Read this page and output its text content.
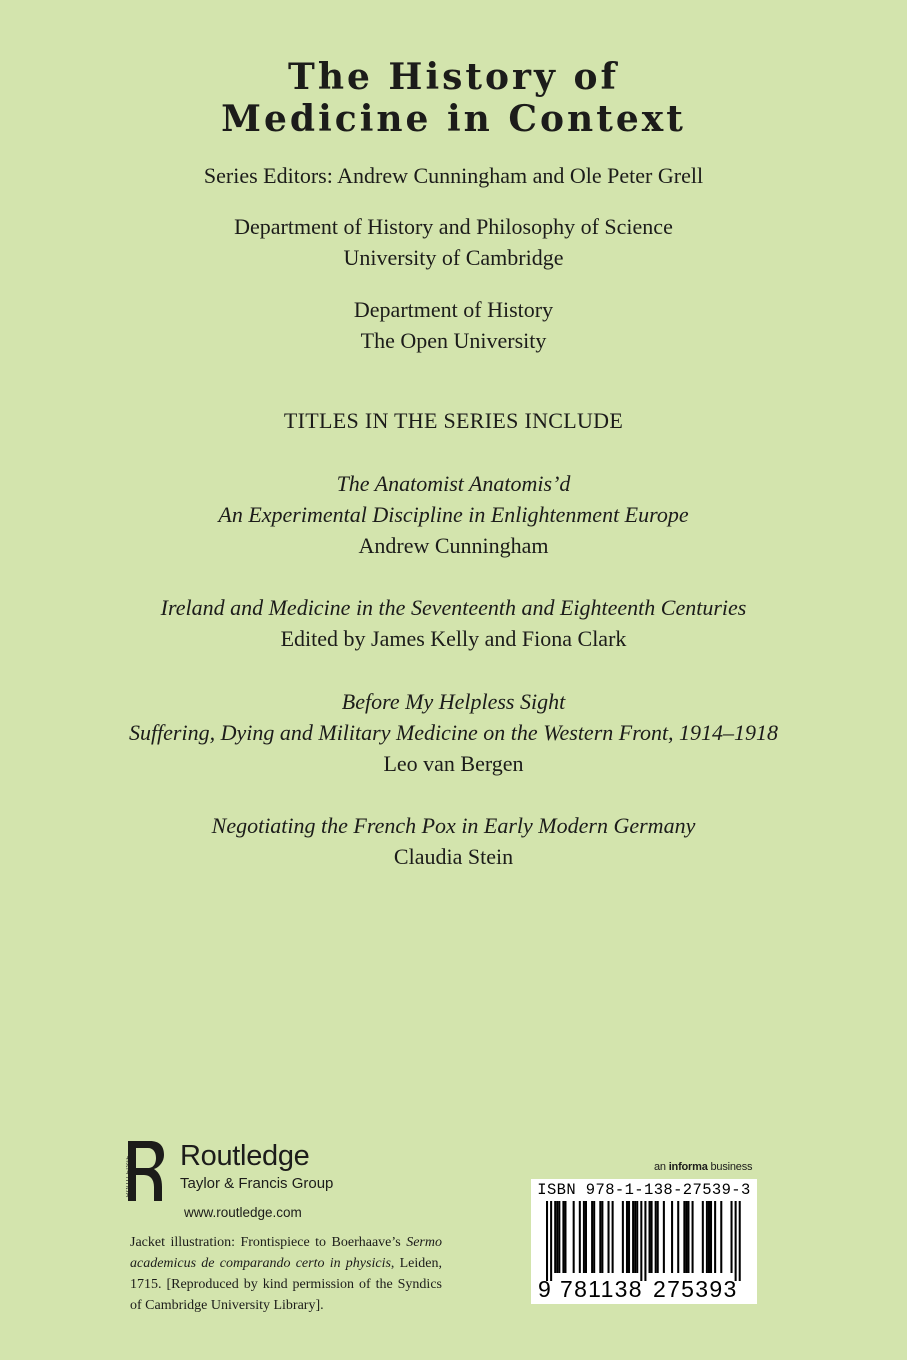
The History of
Medicine in Context
Series Editors: Andrew Cunningham and Ole Peter Grell
Department of History and Philosophy of Science
University of Cambridge
Department of History
The Open University
TITLES IN THE SERIES INCLUDE
The Anatomist Anatomis’d
An Experimental Discipline in Enlightenment Europe
Andrew Cunningham
Ireland and Medicine in the Seventeenth and Eighteenth Centuries
Edited by James Kelly and Fiona Clark
Before My Helpless Sight
Suffering, Dying and Military Medicine on the Western Front, 1914–1918
Leo van Bergen
Negotiating the French Pox in Early Modern Germany
Claudia Stein
ROUTLEDGE Routledge
Taylor & Francis Group
www.routledge.com
Jacket illustration: Frontispiece to Boerhaave’s Sermo academicus de comparando certo in physicis, Leiden, 1715. [Reproduced by kind permission of the Syndics of Cambridge University Library].
an informa business
ISBN 978-1-138-27539-3
9 781138 275393
